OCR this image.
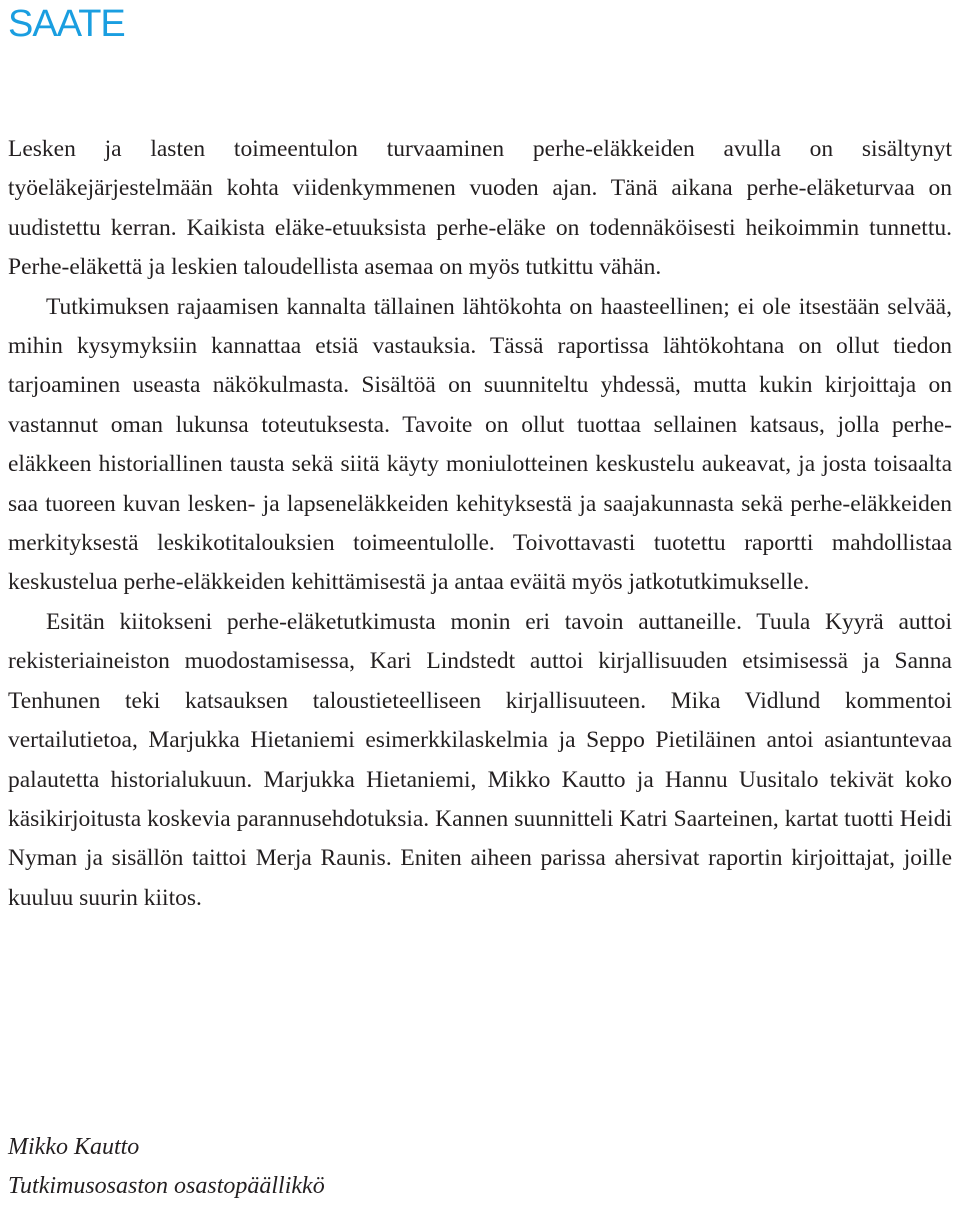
SAATE

Lesken ja lasten toimeentulon turvaaminen perhe-eläkkeiden avulla on sisältynyt työeläkejärjestelmään kohta viidenkymmenen vuoden ajan. Tänä aikana perhe-eläketurvaa on uudistettu kerran. Kaikista eläke-etuuksista perhe-eläke on todennäköisesti heikoimmin tunnettu. Perhe-eläkettä ja leskien taloudellista asemaa on myös tutkittu vähän.

Tutkimuksen rajaamisen kannalta tällainen lähtökohta on haasteellinen; ei ole itsestään selvää, mihin kysymyksiin kannattaa etsiä vastauksia. Tässä raportissa lähtökohtana on ollut tiedon tarjoaminen useasta näkökulmasta. Sisältöä on suunniteltu yhdessä, mutta kukin kirjoittaja on vastannut oman lukunsa toteutuksesta. Tavoite on ollut tuottaa sellainen katsaus, jolla perhe-eläkkeen historiallinen tausta sekä siitä käyty moniulotteinen keskustelu aukeavat, ja josta toisaalta saa tuoreen kuvan lesken- ja lapseneläkkeiden kehityksestä ja saajakunnasta sekä perhe-eläkkeiden merkityksestä leskikotitalouksien toimeentulolle. Toivottavasti tuotettu raportti mahdollistaa keskustelua perhe-eläkkeiden kehittämisestä ja antaa eväitä myös jatkotutkimukselle.

Esitän kiitokseni perhe-eläketutkimusta monin eri tavoin auttaneille. Tuula Kyyrä auttoi rekisteriaineiston muodostamisessa, Kari Lindstedt auttoi kirjallisuuden etsimisessä ja Sanna Tenhunen teki katsauksen taloustieteelliseen kirjallisuuteen. Mika Vidlund kommentoi vertailutietoa, Marjukka Hietaniemi esimerkkilaskelmia ja Seppo Pietiläinen antoi asiantuntevaa palautetta historialukuun. Marjukka Hietaniemi, Mikko Kautto ja Hannu Uusitalo tekivät koko käsikirjoitusta koskevia parannusehdotuksia. Kannen suunnitteli Katri Saarteinen, kartat tuotti Heidi Nyman ja sisällön taittoi Merja Raunis. Eniten aiheen parissa ahersivat raportin kirjoittajat, joille kuuluu suurin kiitos.

Mikko Kautto
Tutkimusosaston osastopäällikkö
